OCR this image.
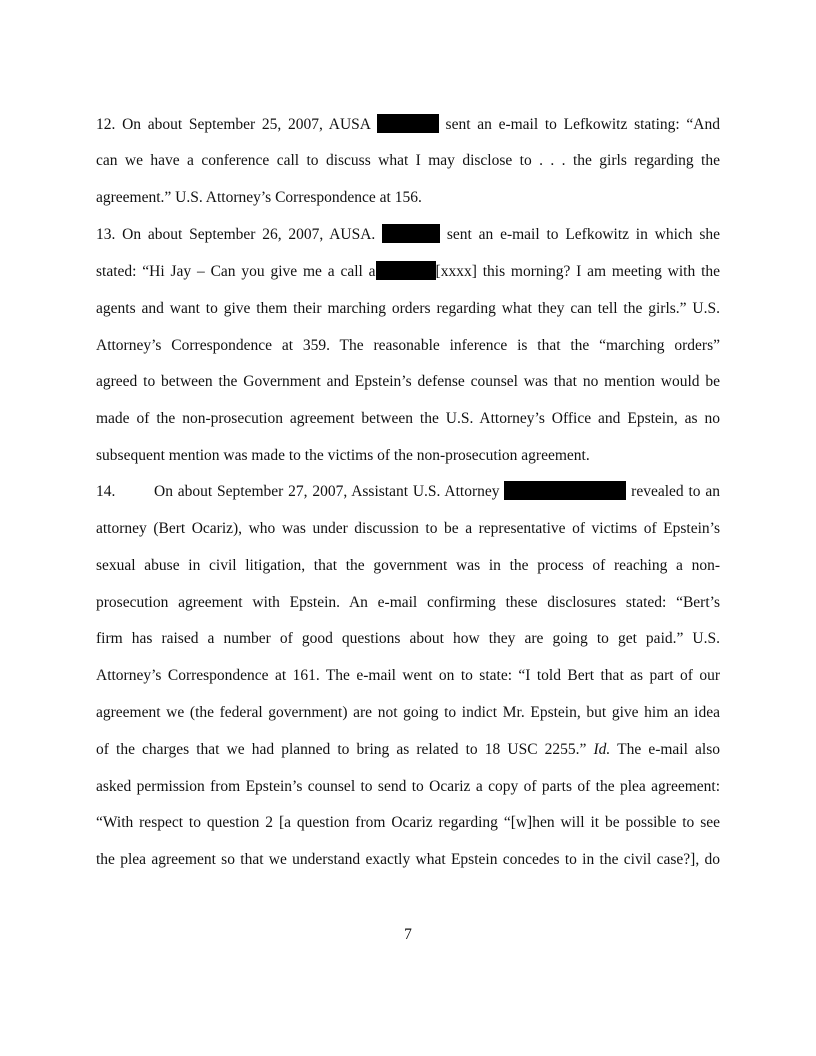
12. On about September 25, 2007, AUSA	sent an e-mail to Lefkowitz stating: “And
can we have a conference call to discuss what I may disclose to . . . the girls regarding the
agreement.” U.S. Attorney’s Correspondence at 156.
13. On about September 26, 2007, AUSA.	sent an e-mail to Lefkowitz in which she
stated: “Hi Jay – Can you give me a call a	[xxxx] this morning? I am meeting with the
agents and want to give them their marching orders regarding what they can tell the girls.” U.S.
Attorney’s Correspondence at 359. The reasonable inference is that the “marching orders”
agreed to between the Government and Epstein’s defense counsel was that no mention would be
made of the non-prosecution agreement between the U.S. Attorney’s Office and Epstein, as no
subsequent mention was made to the victims of the non-prosecution agreement.
14.        On about September 27, 2007, Assistant U.S. Attorney	revealed to an
attorney (Bert Ocariz), who was under discussion to be a representative of victims of Epstein’s
sexual abuse in civil litigation, that the government was in the process of reaching a non-
prosecution agreement with Epstein. An e-mail confirming these disclosures stated: “Bert’s
firm has raised a number of good questions about how they are going to get paid.” U.S.
Attorney’s Correspondence at 161. The e-mail went on to state: “I told Bert that as part of our
agreement we (the federal government) are not going to indict Mr. Epstein, but give him an idea
of the charges that we had planned to bring as related to 18 USC 2255.” Id. The e-mail also
asked permission from Epstein’s counsel to send to Ocariz a copy of parts of the plea agreement:
“With respect to question 2 [a question from Ocariz regarding “[w]hen will it be possible to see
the plea agreement so that we understand exactly what Epstein concedes to in the civil case?], do
7
